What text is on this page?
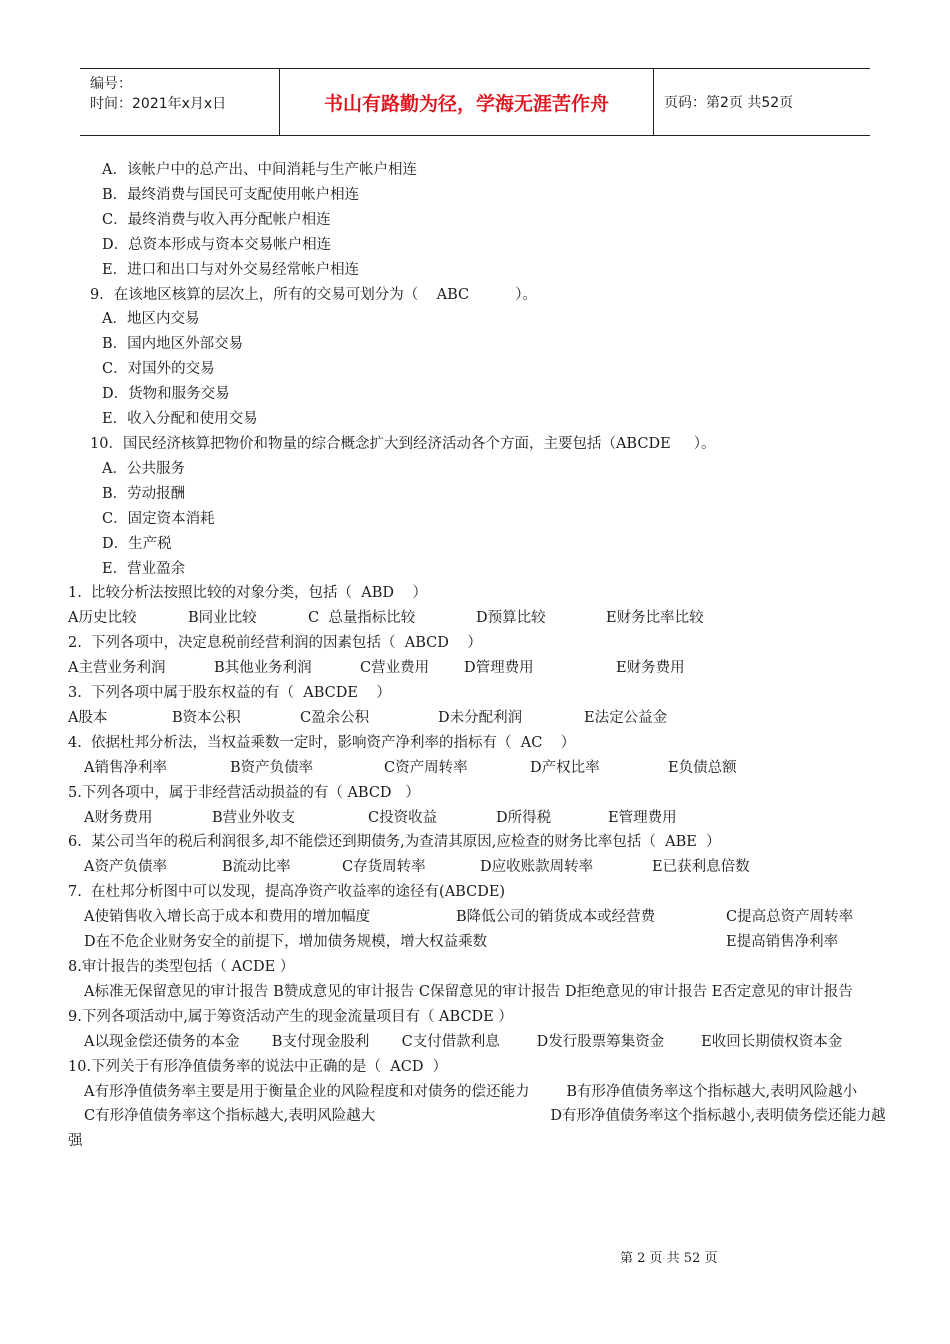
编号：
时间：2021年x月x日	书山有路勤为径，学海无涯苦作舟	页码：第2页 共52页
A．该帐户中的总产出、中间消耗与生产帐户相连
B．最终消费与国民可支配使用帐户相连
C．最终消费与收入再分配帐户相连
D．总资本形成与资本交易帐户相连
E．进口和出口与对外交易经常帐户相连
9．在该地区核算的层次上，所有的交易可划分为（    ABC          ）。
A．地区内交易
B．国内地区外部交易
C．对国外的交易
D．货物和服务交易
E．收入分配和使用交易
10．国民经济核算把物价和物量的综合概念扩大到经济活动各个方面，主要包括（ABCDE     ）。
A．公共服务
B．劳动报酬
C．固定资本消耗
D．生产税
E．营业盈余
1.  比较分析法按照比较的对象分类，包括（  ABD    ）
A历史比较	B同业比较	C  总量指标比较	D预算比较	E财务比率比较
2.  下列各项中，决定息税前经营利润的因素包括（  ABCD    ）
A主营业务利润	B其他业务利润	C营业费用	D管理费用	E财务费用
3.  下列各项中属于股东权益的有（  ABCDE    ）
A股本	B资本公积	C盈余公积	D未分配利润	E法定公益金
4.  依据杜邦分析法，当权益乘数一定时，影响资产净利率的指标有（  AC    ）
A销售净利率	B资产负债率	C资产周转率	D产权比率	E负债总额
5.下列各项中，属于非经营活动损益的有（ ABCD   ）
A财务费用	B营业外收支	C投资收益	D所得税	E管理费用
6.  某公司当年的税后利润很多,却不能偿还到期债务,为查清其原因,应检查的财务比率包括（  ABE  ）
A资产负债率	B流动比率	C存货周转率	D应收账款周转率	E已获利息倍数
7.  在杜邦分析图中可以发现，提高净资产收益率的途径有(ABCDE)
A使销售收入增长高于成本和费用的增加幅度	B降低公司的销货成本或经营费	C提高总资产周转率
D在不危企业财务安全的前提下，增加债务规模，增大权益乘数	E提高销售净利率
8.审计报告的类型包括（ ACDE ）
A标准无保留意见的审计报告 B赞成意见的审计报告 C保留意见的审计报告 D拒绝意见的审计报告 E否定意见的审计报告
9.下列各项活动中,属于筹资活动产生的现金流量项目有（ ABCDE ）
A以现金偿还债务的本金       B支付现金股利       C支付借款利息        D发行股票筹集资金        E收回长期债权资本金
10.下列关于有形净值债务率的说法中正确的是（  ACD  ）
A有形净值债务率主要是用于衡量企业的风险程度和对债务的偿还能力        B有形净值债务率这个指标越大,表明风险越小
C有形净值债务率这个指标越大,表明风险越大                                      D有形净值债务率这个指标越小,表明债务偿还能力越强
第 2 页 共 52 页
